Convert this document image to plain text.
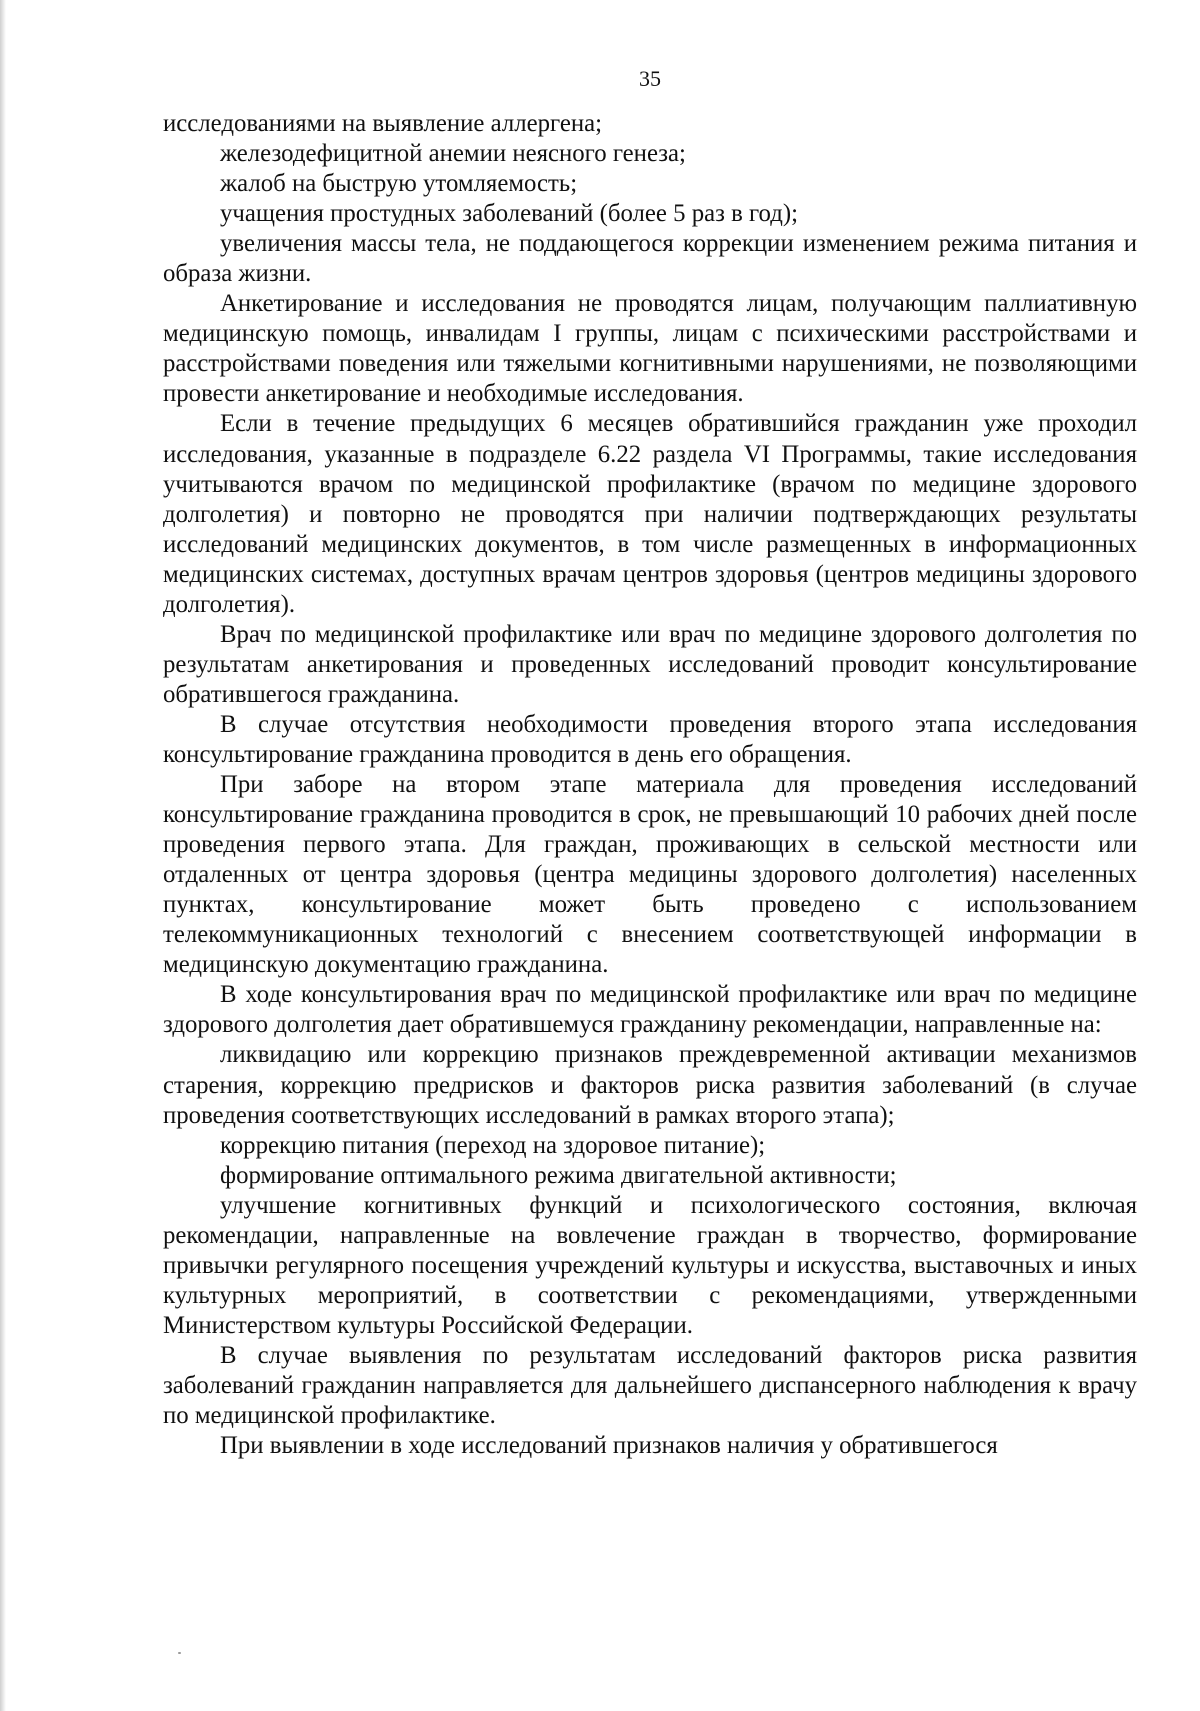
35

исследованиями на выявление аллергена;

железодефицитной анемии неясного генеза;

жалоб на быструю утомляемость;

учащения простудных заболеваний (более 5 раз в год);

увеличения массы тела, не поддающегося коррекции изменением режима питания и образа жизни.

Анкетирование и исследования не проводятся лицам, получающим паллиативную медицинскую помощь, инвалидам I группы, лицам с психическими расстройствами и расстройствами поведения или тяжелыми когнитивными нарушениями, не позволяющими провести анкетирование и необходимые исследования.

Если в течение предыдущих 6 месяцев обратившийся гражданин уже проходил исследования, указанные в подразделе 6.22 раздела VI Программы, такие исследования учитываются врачом по медицинской профилактике (врачом по медицине здорового долголетия) и повторно не проводятся при наличии подтверждающих результаты исследований медицинских документов, в том числе размещенных в информационных медицинских системах, доступных врачам центров здоровья (центров медицины здорового долголетия).

Врач по медицинской профилактике или врач по медицине здорового долголетия по результатам анкетирования и проведенных исследований проводит консультирование обратившегося гражданина.

В случае отсутствия необходимости проведения второго этапа исследования консультирование гражданина проводится в день его обращения.

При заборе на втором этапе материала для проведения исследований консультирование гражданина проводится в срок, не превышающий 10 рабочих дней после проведения первого этапа. Для граждан, проживающих в сельской местности или отдаленных от центра здоровья (центра медицины здорового долголетия) населенных пунктах, консультирование может быть проведено с использованием телекоммуникационных технологий с внесением соответствующей информации в медицинскую документацию гражданина.

В ходе консультирования врач по медицинской профилактике или врач по медицине здорового долголетия дает обратившемуся гражданину рекомендации, направленные на:

ликвидацию или коррекцию признаков преждевременной активации механизмов старения, коррекцию предрисков и факторов риска развития заболеваний (в случае проведения соответствующих исследований в рамках второго этапа);

коррекцию питания (переход на здоровое питание);

формирование оптимального режима двигательной активности;

улучшение когнитивных функций и психологического состояния, включая рекомендации, направленные на вовлечение граждан в творчество, формирование привычки регулярного посещения учреждений культуры и искусства, выставочных и иных культурных мероприятий, в соответствии с рекомендациями, утвержденными Министерством культуры Российской Федерации.

В случае выявления по результатам исследований факторов риска развития заболеваний гражданин направляется для дальнейшего диспансерного наблюдения к врачу по медицинской профилактике.

При выявлении в ходе исследований признаков наличия у обратившегося
